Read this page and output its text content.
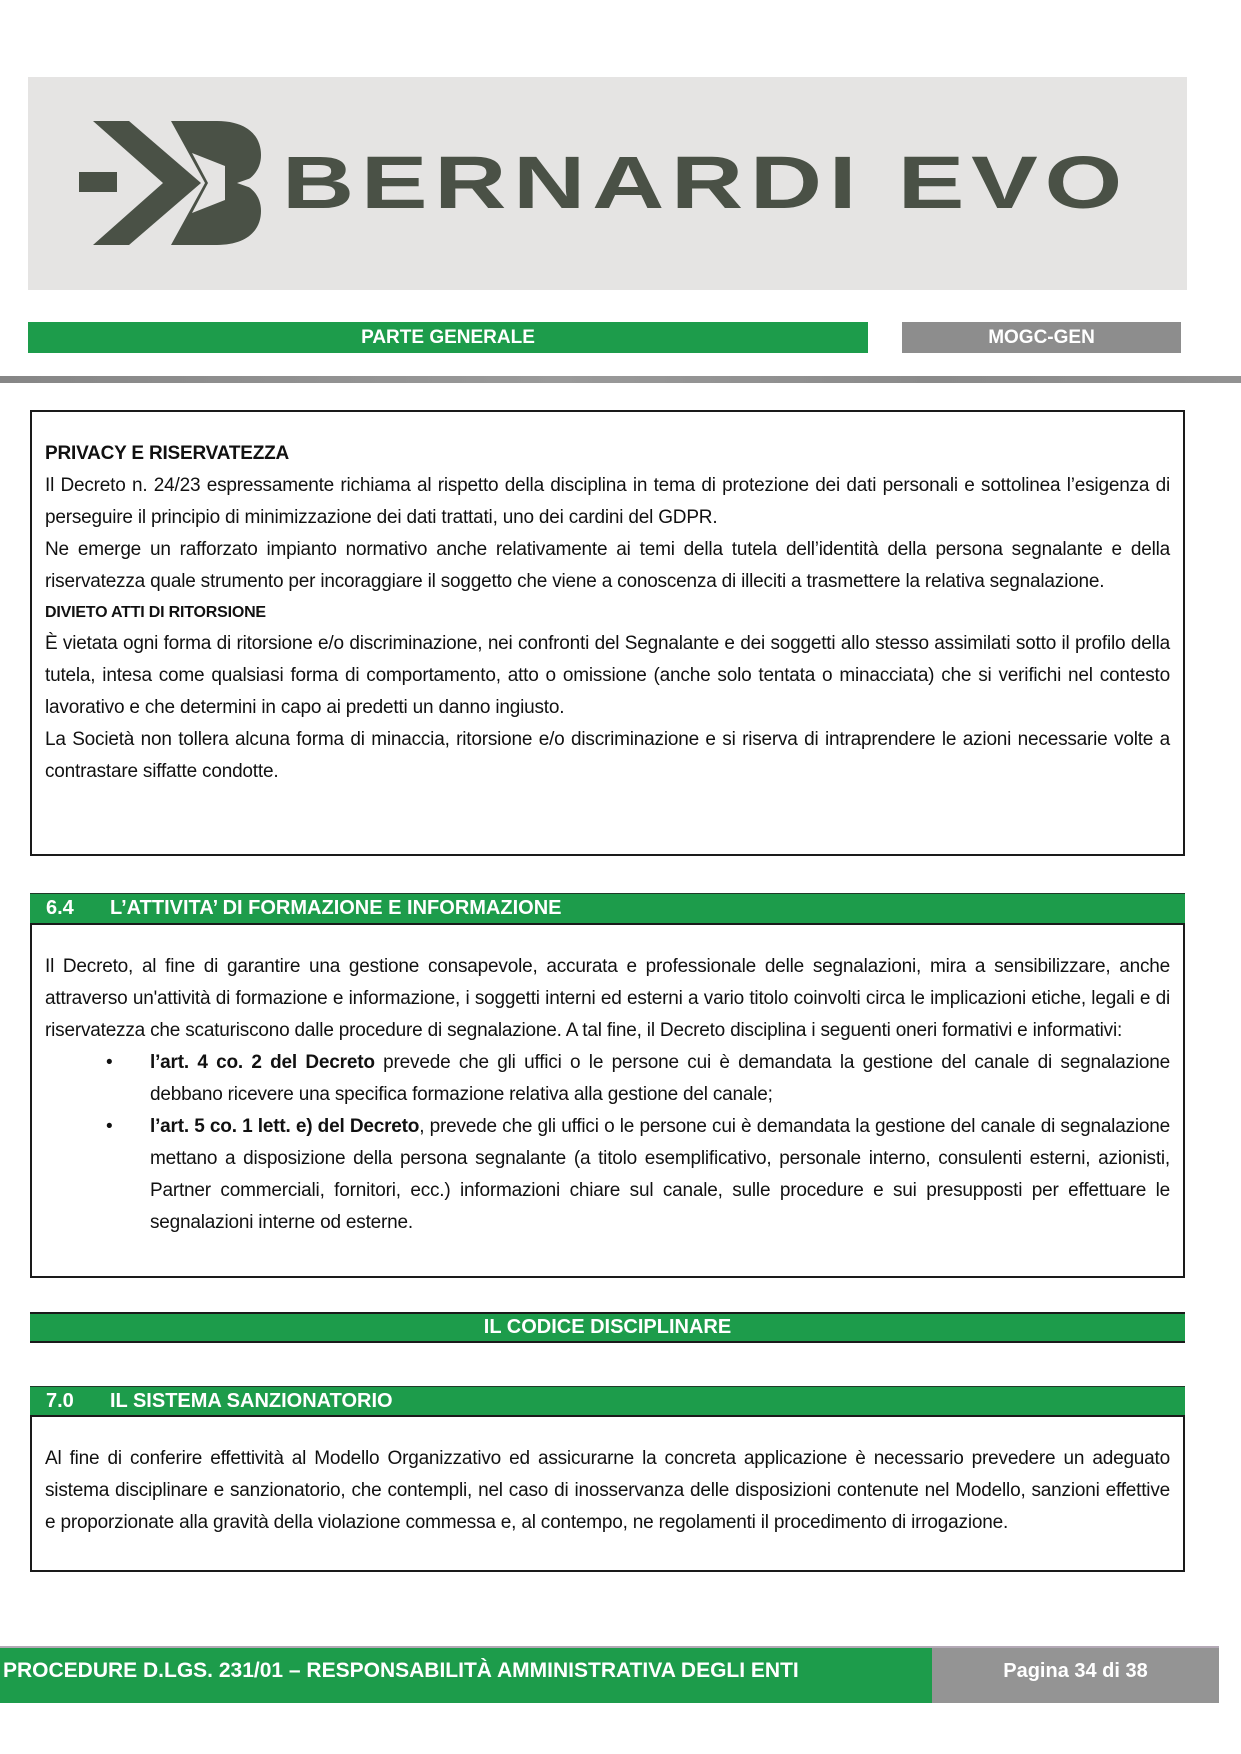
BERNARDI EVO
PARTE GENERALE	MOGC-GEN

PRIVACY E RISERVATEZZA

Il Decreto n. 24/23 espressamente richiama al rispetto della disciplina in tema di protezione dei dati personali e sottolinea l’esigenza di perseguire il principio di minimizzazione dei dati trattati, uno dei cardini del GDPR.

Ne emerge un rafforzato impianto normativo anche relativamente ai temi della tutela dell’identità della persona segnalante e della riservatezza quale strumento per incoraggiare il soggetto che viene a conoscenza di illeciti a trasmettere la relativa segnalazione.

DIVIETO ATTI DI RITORSIONE

È vietata ogni forma di ritorsione e/o discriminazione, nei confronti del Segnalante e dei soggetti allo stesso assimilati sotto il profilo della tutela, intesa come qualsiasi forma di comportamento, atto o omissione (anche solo tentata o minacciata) che si verifichi nel contesto lavorativo e che determini in capo ai predetti un danno ingiusto.

La Società non tollera alcuna forma di minaccia, ritorsione e/o discriminazione e si riserva di intraprendere le azioni necessarie volte a contrastare siffatte condotte.

6.4	L’ATTIVITA’ DI FORMAZIONE E INFORMAZIONE

Il Decreto, al fine di garantire una gestione consapevole, accurata e professionale delle segnalazioni, mira a sensibilizzare, anche attraverso un'attività di formazione e informazione, i soggetti interni ed esterni a vario titolo coinvolti circa le implicazioni etiche, legali e di riservatezza che scaturiscono dalle procedure di segnalazione. A tal fine, il Decreto disciplina i seguenti oneri formativi e informativi:

• l’art. 4 co. 2 del Decreto prevede che gli uffici o le persone cui è demandata la gestione del canale di segnalazione debbano ricevere una specifica formazione relativa alla gestione del canale;
• l’art. 5 co. 1 lett. e) del Decreto, prevede che gli uffici o le persone cui è demandata la gestione del canale di segnalazione mettano a disposizione della persona segnalante (a titolo esemplificativo, personale interno, consulenti esterni, azionisti, Partner commerciali, fornitori, ecc.) informazioni chiare sul canale, sulle procedure e sui presupposti per effettuare le segnalazioni interne od esterne.
IL CODICE DISCIPLINARE
7.0	IL SISTEMA SANZIONATORIO

Al fine di conferire effettività al Modello Organizzativo ed assicurarne la concreta applicazione è necessario prevedere un adeguato sistema disciplinare e sanzionatorio, che contempli, nel caso di inosservanza delle disposizioni contenute nel Modello, sanzioni effettive e proporzionate alla gravità della violazione commessa e, al contempo, ne regolamenti il procedimento di irrogazione.

PROCEDURE D.LGS. 231/01 – RESPONSABILITÀ AMMINISTRATIVA DEGLI ENTI	Pagina 34 di 38
